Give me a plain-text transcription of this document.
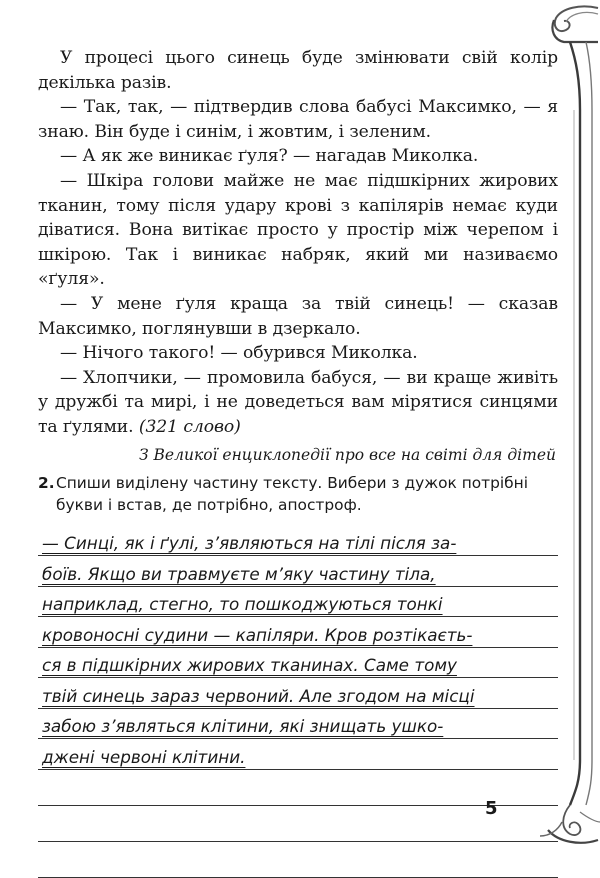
У процесі цього синець буде змінювати свій колір декілька разів.

— Так, так, — підтвердив слова бабусі Максимко, — я знаю. Він буде і синім, і жовтим, і зеленим.

— А як же виникає ґуля? — нагадав Миколка.

— Шкіра голови майже не має підшкірних жирових тканин, тому після удару крові з капілярів немає куди діватися. Вона витікає просто у простір між черепом і шкірою. Так і виникає набряк, який ми називаємо «ґуля».

— У мене ґуля краща за твій синець! — сказав Максимко, поглянувши в дзеркало.

— Нічого такого! — обурився Миколка.

— Хлопчики, — промовила бабуся, — ви краще живіть у дружбі та мирі, і не доведеться вам мірятися синцями та ґулями. (321 слово)

З Великої енциклопедії про все на світі для дітей

2. Спиши виділену частину тексту. Вибери з дужок потрібні букви і встав, де потрібно, апостроф.
— Синці, як і ґулі, з’являються на тілі після за-
боїв. Якщо ви травмуєте м’яку частину тіла,
наприклад, стегно, то пошкоджуються тонкі
кровоносні судини — капіляри. Кров розтікаєть-
ся в підшкірних жирових тканинах. Саме тому
твій синець зараз червоний. Але згодом на місці
забою з’являться клітини, які знищать ушко-
джені червоні клітини.
5
